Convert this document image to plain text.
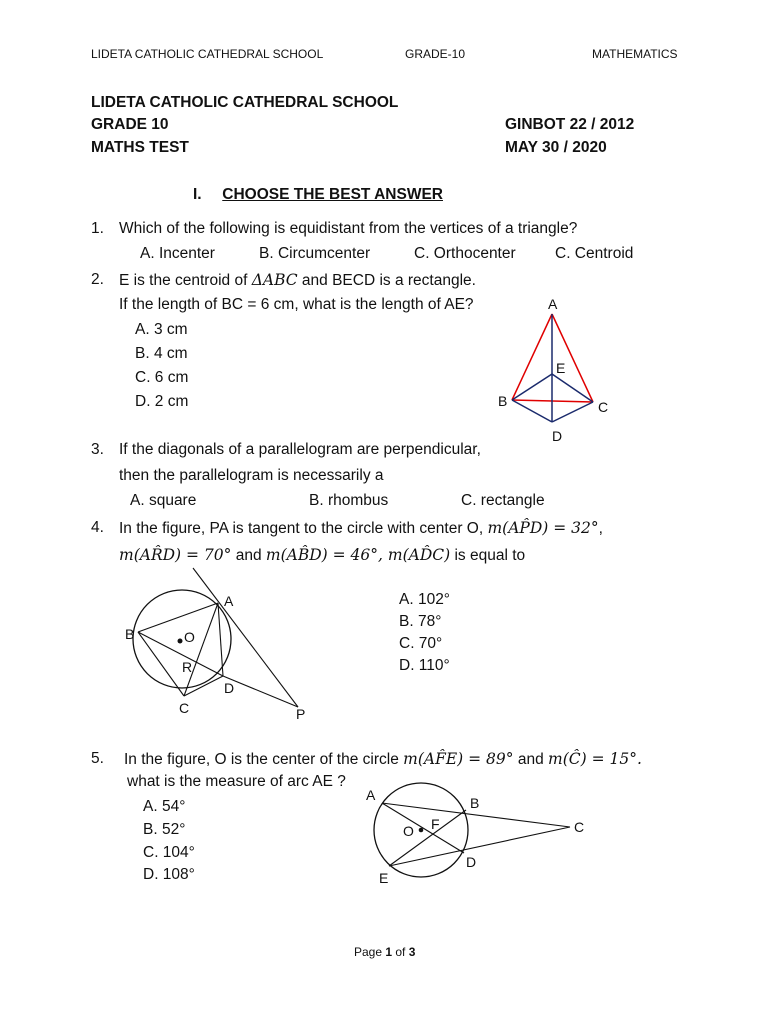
LIDETA CATHOLIC CATHEDRAL SCHOOL	GRADE-10	MATHEMATICS
LIDETA CATHOLIC CATHEDRAL SCHOOL
GRADE 10
MATHS TEST
GINBOT 22 / 2012
MAY 30 / 2020
I. CHOOSE THE BEST ANSWER
1. Which of the following is equidistant from the vertices of a triangle?
A. Incenter	B. Circumcenter	C. Orthocenter	C. Centroid
2. E is the centroid of ΔABC and BECD is a rectangle.
If the length of BC = 6 cm, what is the length of AE?
A. 3 cm
B. 4 cm
C. 6 cm
D. 2 cm
A
E
B	C
D
3. If the diagonals of a parallelogram are perpendicular,
then the parallelogram is necessarily a
A. square	B. rhombus	C. rectangle
4. In the figure, PA is tangent to the circle with center O, m(AP̂D) = 32°,
m(AR̂D) = 70° and m(AB̂D) = 46°, m(AD̂C) is equal to
A
B	O
R
D
C	P
A. 102°
B. 78°
C. 70°
D. 110°
5. In the figure, O is the center of the circle m(AF̂E) = 89° and m(Ĉ) = 15°.
what is the measure of arc AE ?
A. 54°
B. 52°
C. 104°
D. 108°
A	B
O F	C
D
E
Page 1 of 3
